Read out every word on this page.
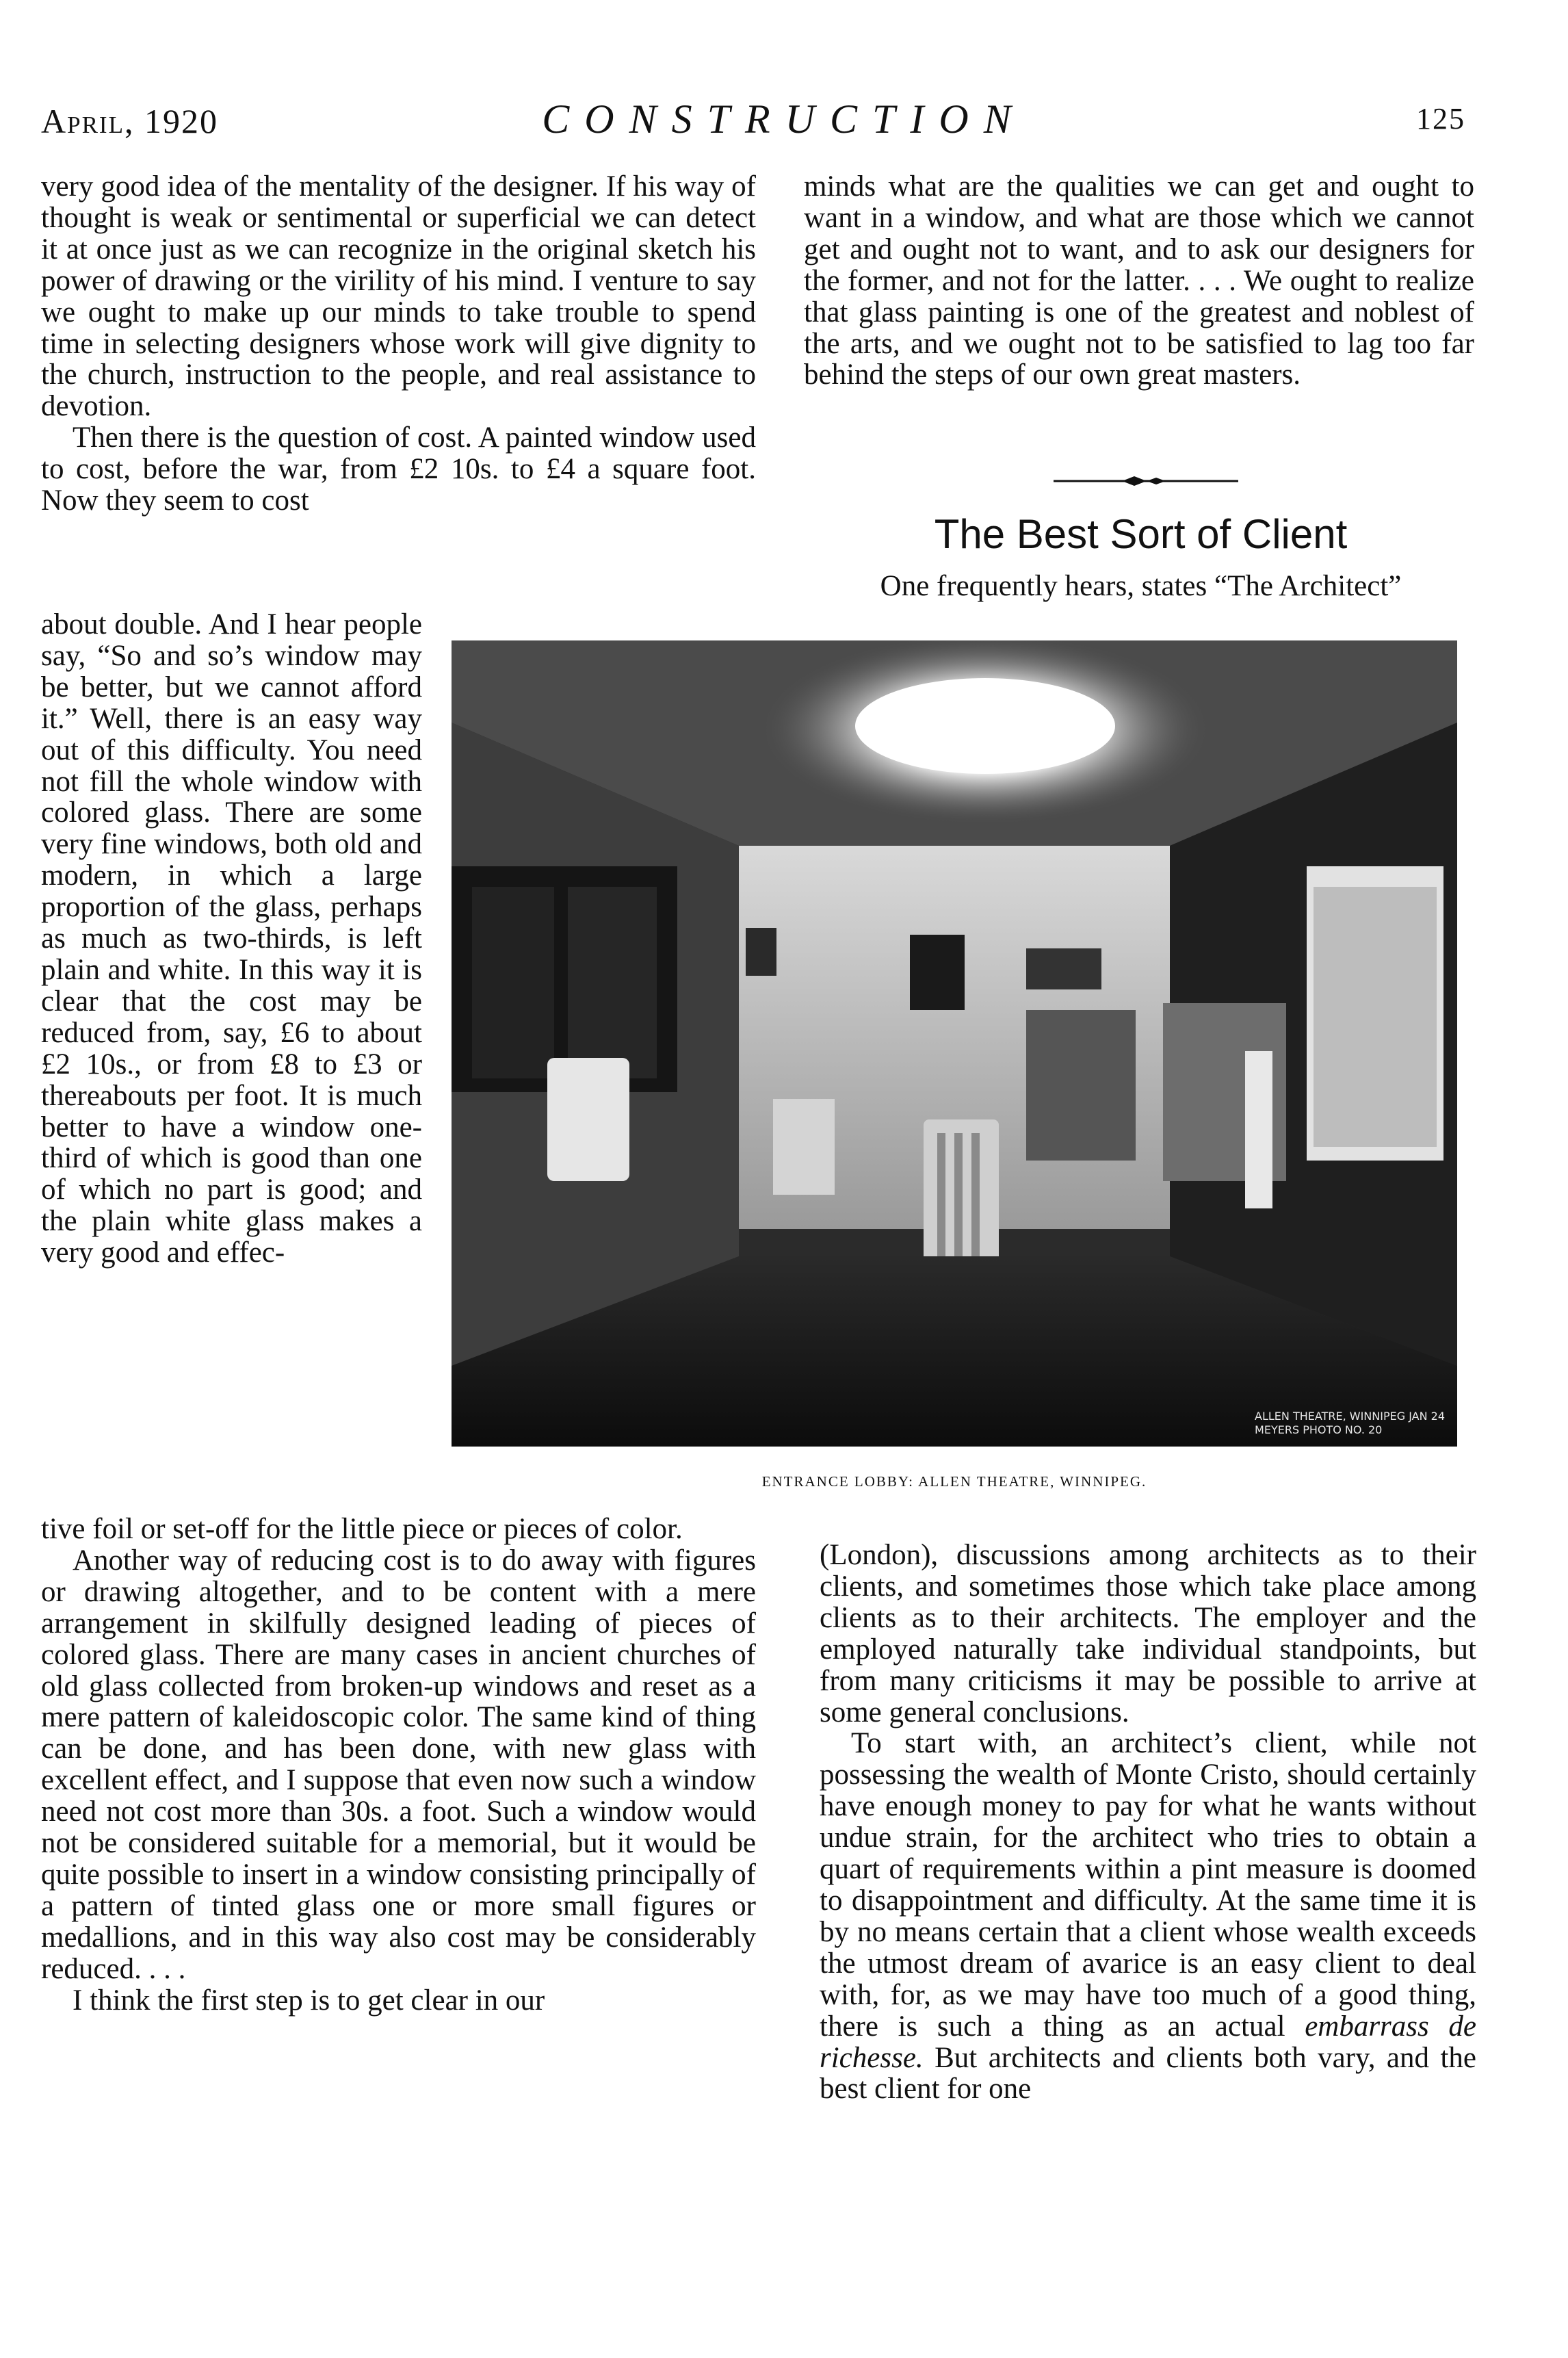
April, 1920	CONSTRUCTION	125

very good idea of the mentality of the designer. If his way of thought is weak or sentimental or superficial we can detect it at once just as we can recognize in the original sketch his power of drawing or the virility of his mind. I venture to say we ought to make up our minds to take trouble to spend time in selecting designers whose work will give dignity to the church, instruction to the people, and real assistance to devotion.

Then there is the question of cost. A painted window used to cost, before the war, from £2 10s. to £4 a square foot. Now they seem to cost

about double. And I hear people say, “So and so’s window may be better, but we cannot afford it.” Well, there is an easy way out of this difficulty. You need not fill the whole window with colored glass. There are some very fine windows, both old and modern, in which a large proportion of the glass, perhaps as much as two-thirds, is left plain and white. In this way it is clear that the cost may be reduced from, say, £6 to about £2 10s., or from £8 to £3 or thereabouts per foot. It is much better to have a window one-third of which is good than one of which no part is good; and the plain white glass makes a very good and effec-

tive foil or set-off for the little piece or pieces of color.

Another way of reducing cost is to do away with figures or drawing altogether, and to be content with a mere arrangement in skilfully designed leading of pieces of colored glass. There are many cases in ancient churches of old glass collected from broken-up windows and reset as a mere pattern of kaleidoscopic color. The same kind of thing can be done, and has been done, with new glass with excellent effect, and I suppose that even now such a window need not cost more than 30s. a foot. Such a window would not be considered suitable for a memorial, but it would be quite possible to insert in a window consisting principally of a pattern of tinted glass one or more small figures or medallions, and in this way also cost may be considerably reduced. . . .

I think the first step is to get clear in our

minds what are the qualities we can get and ought to want in a window, and what are those which we cannot get and ought not to want, and to ask our designers for the former, and not for the latter. . . . We ought to realize that glass painting is one of the greatest and noblest of the arts, and we ought not to be satisfied to lag too far behind the steps of our own great masters.

The Best Sort of Client
One frequently hears, states “The Architect”
ALLEN THEATRE, WINNIPEG JAN 24
MEYERS PHOTO NO. 20
ENTRANCE LOBBY: ALLEN THEATRE, WINNIPEG.

(London), discussions among architects as to their clients, and sometimes those which take place among clients as to their architects. The employer and the employed naturally take individual standpoints, but from many criticisms it may be possible to arrive at some general conclusions.

To start with, an architect’s client, while not possessing the wealth of Monte Cristo, should certainly have enough money to pay for what he wants without undue strain, for the architect who tries to obtain a quart of requirements within a pint measure is doomed to disappointment and difficulty. At the same time it is by no means certain that a client whose wealth exceeds the utmost dream of avarice is an easy client to deal with, for, as we may have too much of a good thing, there is such a thing as an actual embarrass de richesse. But architects and clients both vary, and the best client for one
